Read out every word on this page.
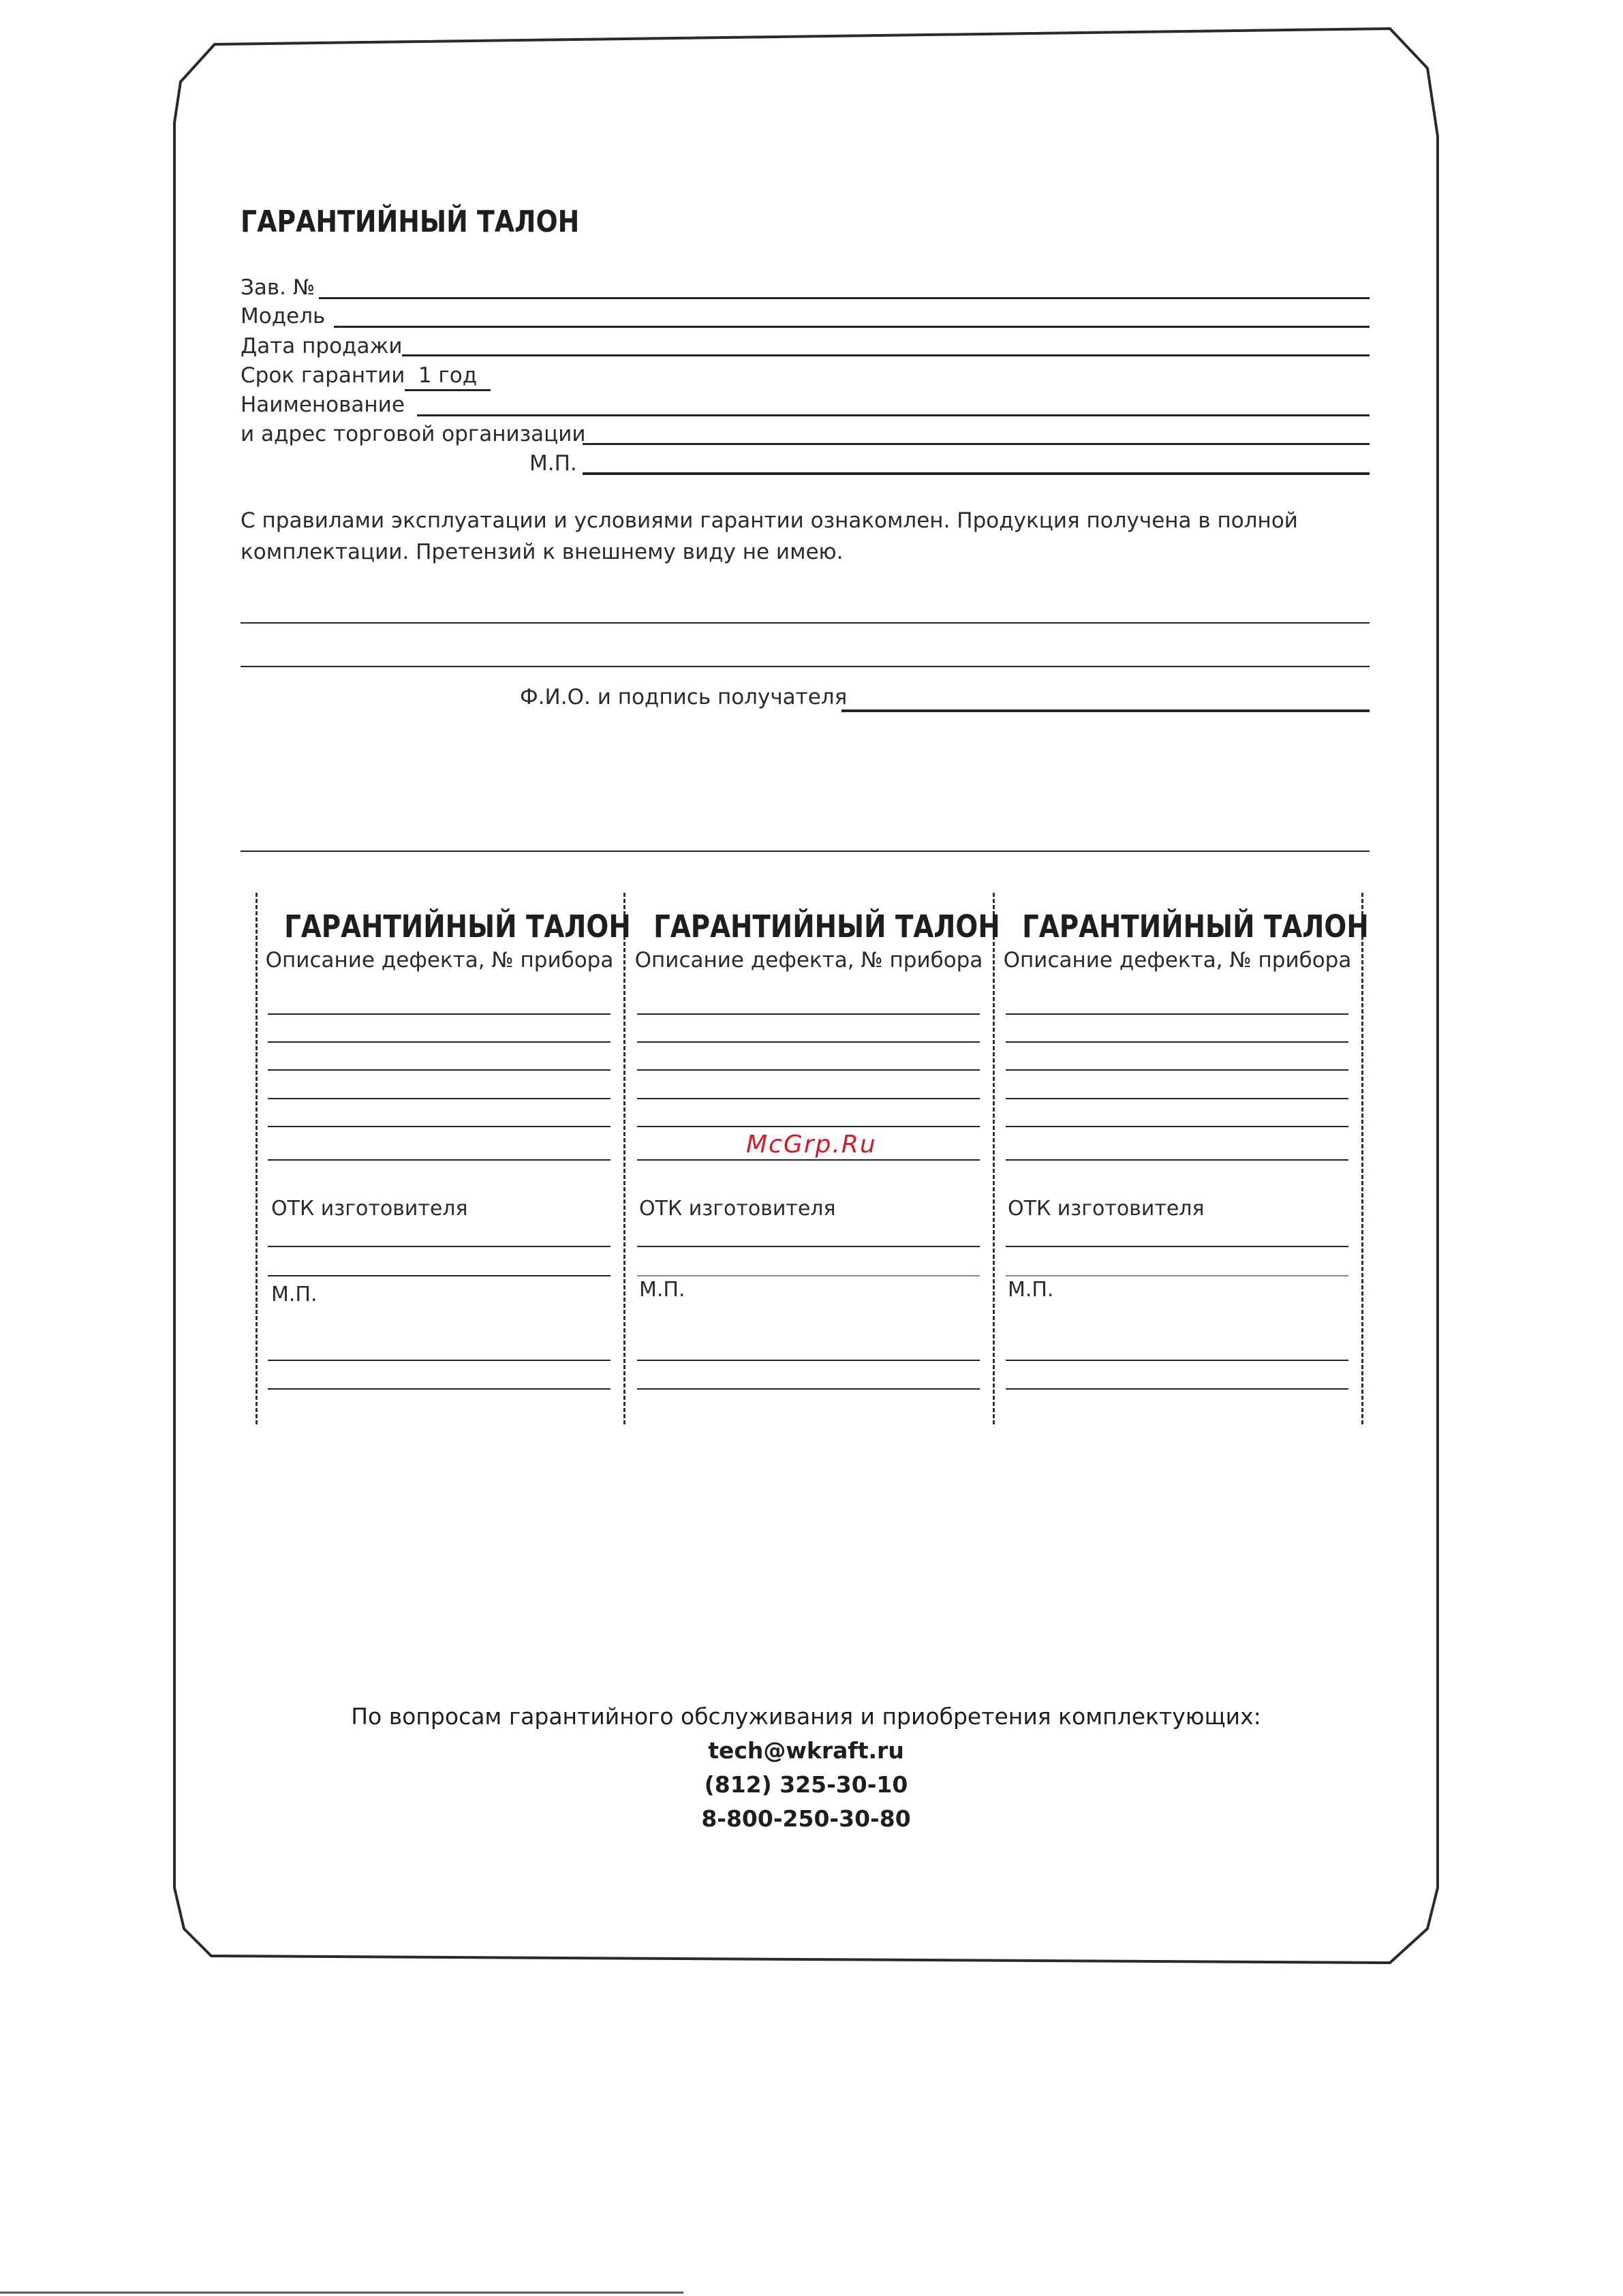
ГАРАНТИЙНЫЙ ТАЛОН
Зав. №
Модель
Дата продажи
Срок гарантии 1 год
Наименование
и адрес торговой организации
М.П.
С правилами эксплуатации и условиями гарантии ознакомлен. Продукция получена в полной
комплектации. Претензий к внешнему виду не имею.
Ф.И.О. и подпись получателя
ГАРАНТИЙНЫЙ ТАЛОН
Описание дефекта, № прибора
ОТК изготовителя
М.П.
ГАРАНТИЙНЫЙ ТАЛОН
Описание дефекта, № прибора
ОТК изготовителя
М.П.
ГАРАНТИЙНЫЙ ТАЛОН
Описание дефекта, № прибора
ОТК изготовителя
М.П.
McGrp.Ru
По вопросам гарантийного обслуживания и приобретения комплектующих:
tech@wkraft.ru
(812) 325-30-10
8-800-250-30-80
